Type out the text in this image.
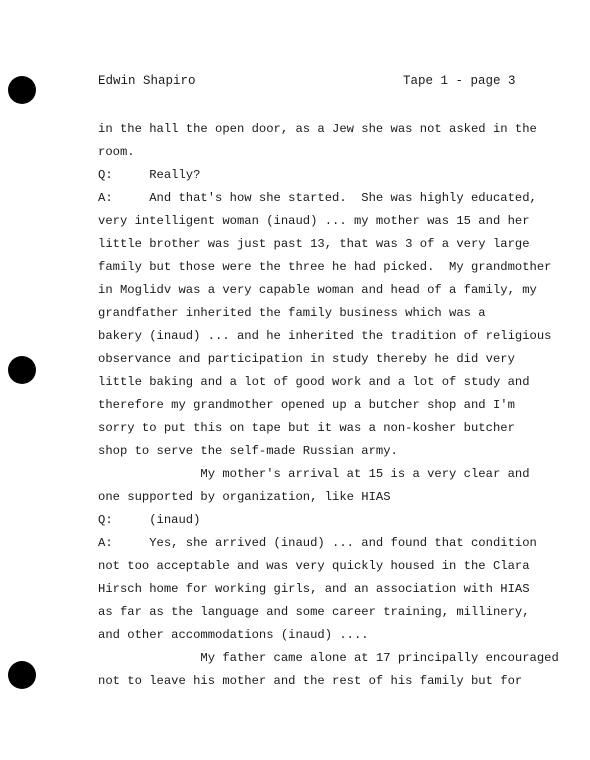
Edwin Shapiro	Tape 1 - page 3
in the hall the open door, as a Jew she was not asked in the
room.
Q:     Really?
A:     And that's how she started.  She was highly educated,
very intelligent woman (inaud) ... my mother was 15 and her
little brother was just past 13, that was 3 of a very large
family but those were the three he had picked.  My grandmother
in Moglidv was a very capable woman and head of a family, my
grandfather inherited the family business which was a
bakery (inaud) ... and he inherited the tradition of religious
observance and participation in study thereby he did very
little baking and a lot of good work and a lot of study and
therefore my grandmother opened up a butcher shop and I'm
sorry to put this on tape but it was a non-kosher butcher
shop to serve the self-made Russian army.
My mother's arrival at 15 is a very clear and
one supported by organization, like HIAS
Q:     (inaud)
A:     Yes, she arrived (inaud) ... and found that condition
not too acceptable and was very quickly housed in the Clara
Hirsch home for working girls, and an association with HIAS
as far as the language and some career training, millinery,
and other accommodations (inaud) ....
My father came alone at 17 principally encouraged
not to leave his mother and the rest of his family but for
